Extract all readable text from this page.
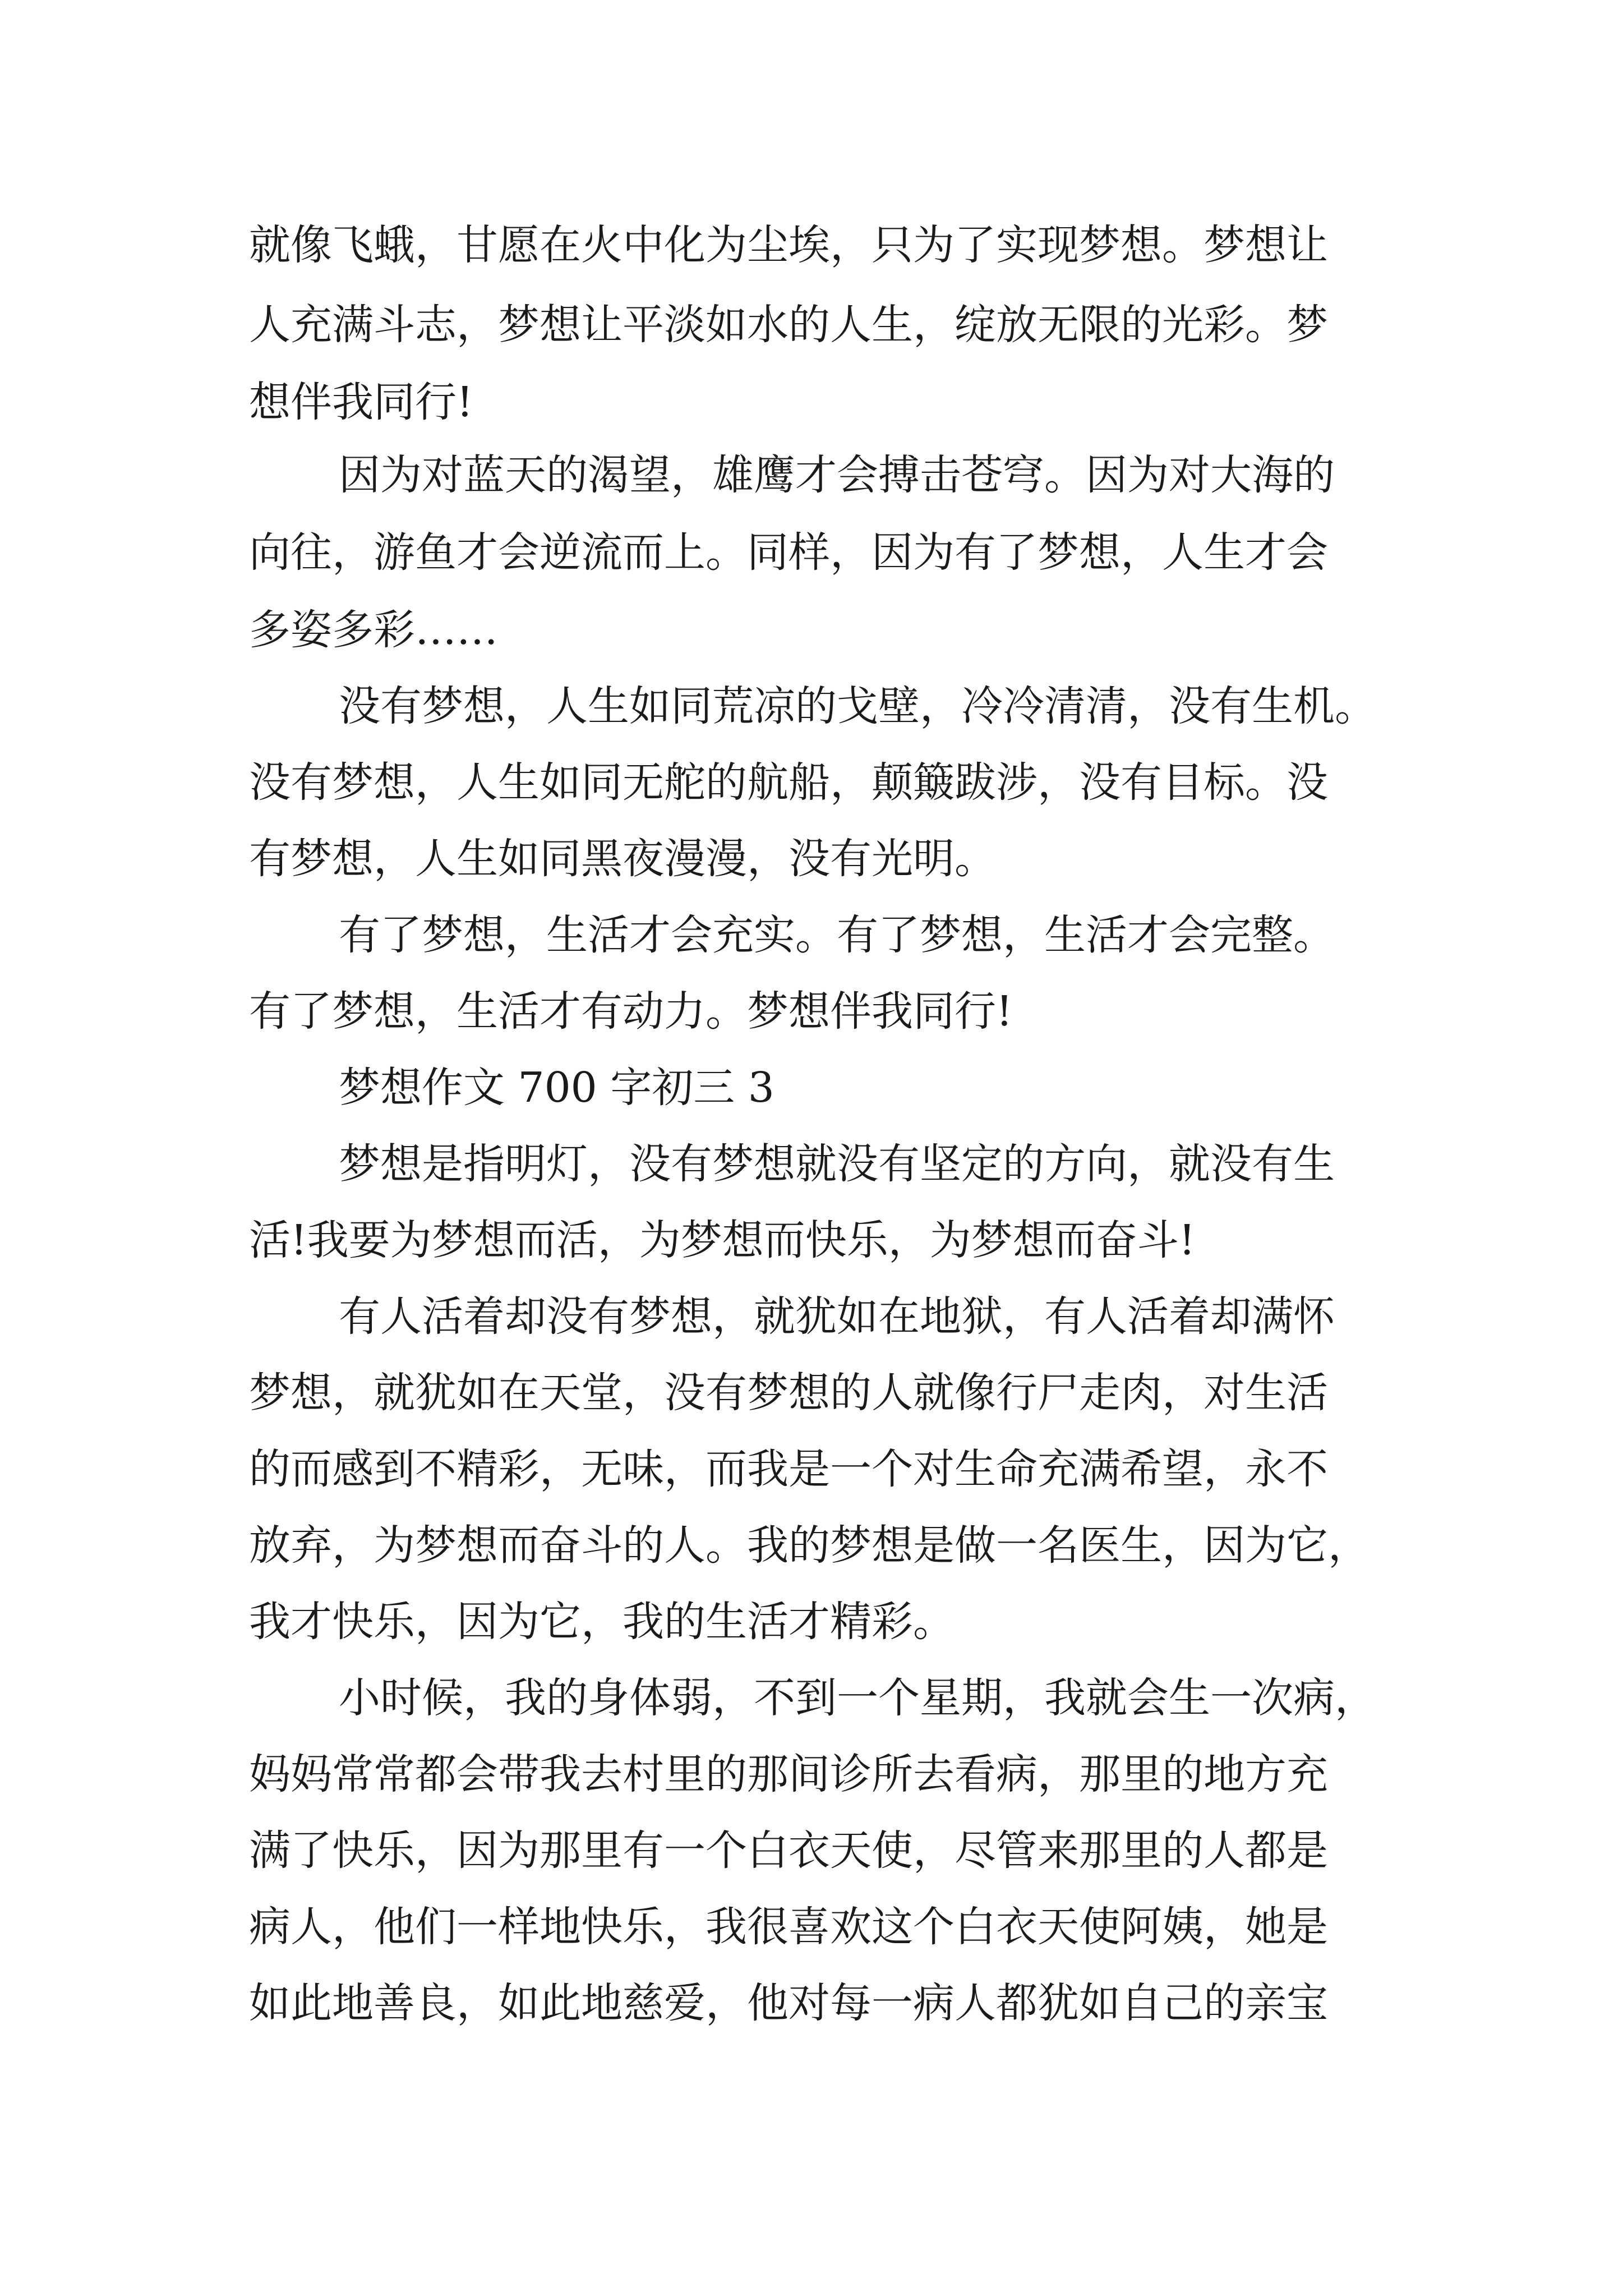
就像飞蛾，甘愿在火中化为尘埃，只为了实现梦想。梦想让
人充满斗志，梦想让平淡如水的人生，绽放无限的光彩。梦
想伴我同行!
因为对蓝天的渴望，雄鹰才会搏击苍穹。因为对大海的
向往，游鱼才会逆流而上。同样，因为有了梦想，人生才会
多姿多彩……
没有梦想，人生如同荒凉的戈壁，冷冷清清，没有生机。
没有梦想，人生如同无舵的航船，颠簸跋涉，没有目标。没
有梦想，人生如同黑夜漫漫，没有光明。
有了梦想，生活才会充实。有了梦想，生活才会完整。
有了梦想，生活才有动力。梦想伴我同行!
梦想作文 700 字初三 3
梦想是指明灯，没有梦想就没有坚定的方向，就没有生
活!我要为梦想而活，为梦想而快乐，为梦想而奋斗!
有人活着却没有梦想，就犹如在地狱，有人活着却满怀
梦想，就犹如在天堂，没有梦想的人就像行尸走肉，对生活
的而感到不精彩，无味，而我是一个对生命充满希望，永不
放弃，为梦想而奋斗的人。我的梦想是做一名医生，因为它，
我才快乐，因为它，我的生活才精彩。
小时候，我的身体弱，不到一个星期，我就会生一次病，
妈妈常常都会带我去村里的那间诊所去看病，那里的地方充
满了快乐，因为那里有一个白衣天使，尽管来那里的人都是
病人，他们一样地快乐，我很喜欢这个白衣天使阿姨，她是
如此地善良，如此地慈爱，他对每一病人都犹如自己的亲宝
